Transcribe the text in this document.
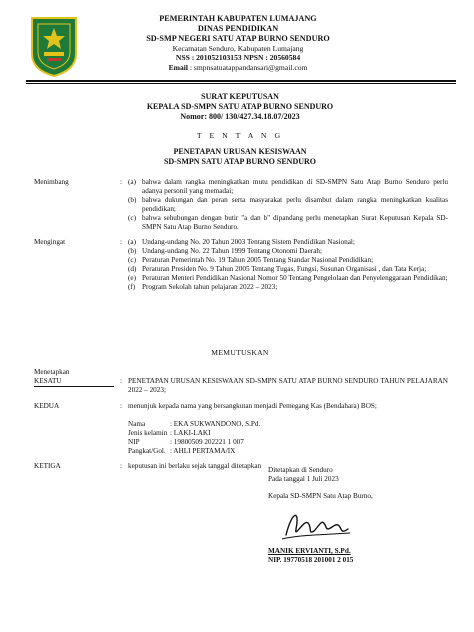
PEMERINTAH KABUPATEN LUMAJANG
DINAS PENDIDIKAN
SD-SMP NEGERI SATU ATAP BURNO SENDURO
Kecamatan Senduro, Kabupaten Lumajang
NSS : 201052103153 NPSN : 20560584
Email : smpnsatuatappandansari@gmail.com
SURAT KEPUTUSAN
KEPALA SD-SMPN SATU ATAP BURNO SENDURO
Nomor: 800/ 130/427.34.18.07/2023
T E N T A N G
PENETAPAN URUSAN KESISWAAN
SD-SMPN SATU ATAP BURNO SENDURO
Menimbang	: (a) bahwa dalam rangka meningkatkan mutu pendidikan di SD-SMPN Satu Atap Burno Senduro perlu adanya personil yang memadai;
(b) bahwa dukungan dan peran serta masyarakat perlu disambut dalam rangka meningkatkan kualitas pendidikan;
(c) bahwa sehubungan dengan butir "a dan b" dipandang perlu menetapkan Surat Keputusan Kepala SD-SMPN Satu Atap Burno Senduro.
Mengingat	: (a) Undang-undang No. 20 Tahun 2003 Tentang Sistem Pendidikan Nasional;
(b) Undang-undang No. 22 Tahun 1999 Tentang Otonomi Daerah;
(c) Peraturan Pemerintah No. 19 Tahun 2005 Tentang Standar Nasional Pendidikan;
(d) Peraturan Presiden No. 9 Tahun 2005 Tentang Tugas, Fungsi, Susunan Organisasi , dan Tata Kerja;
(e) Peraturan Menteri Pendidikan Nasional Nomor 50 Tentang Pengelolaan dan Penyelenggaraan Pendidikan;
(f) Program Sekolah tahun pelajaran 2022 – 2023;
MEMUTUSKAN
Menetapkan
KESATU	: PENETAPAN URUSAN KESISWAAN SD-SMPN SATU ATAP BURNO SENDURO TAHUN PELAJARAN 2022 – 2023;
KEDUA	: menunjuk kepada nama yang bersangkutan menjadi Pemegang Kas (Bendahara) BOS;
Nama	: EKA SUKWANDONO, S.Pd.
Jenis kelamin : LAKI-LAKI
NIP	: 19800509 202221 1 007
Pangkat/Gol. : AHLI PERTAMA/IX
KETIGA	: keputusan ini berlaku sejak tanggal ditetapkan Ditetapkan di Senduro
Pada tanggal 1 Juli 2023
Kepala SD-SMPN Satu Atap Burno,
MANIK ERVIANTI, S.Pd.
NIP. 19770518 201001 2 015
